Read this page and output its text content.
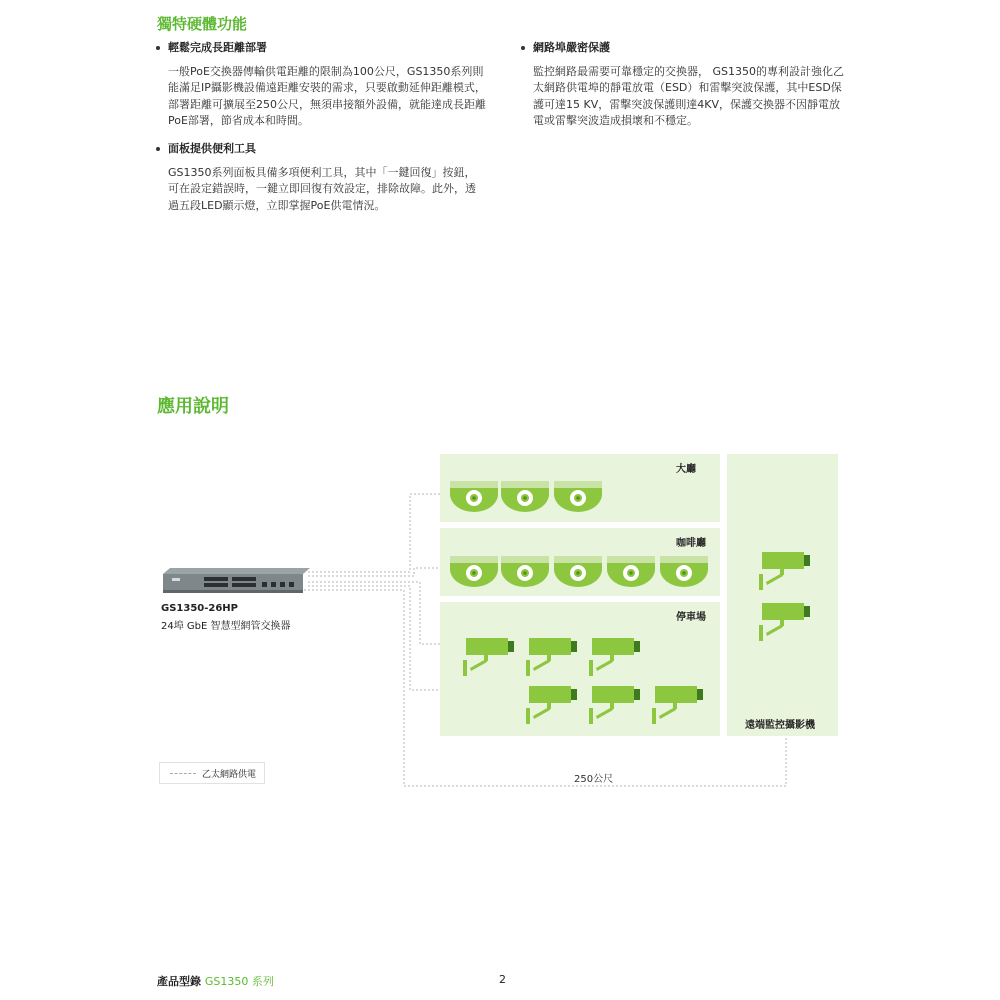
獨特硬體功能
輕鬆完成長距離部署
一般PoE交換器傳輸供電距離的限制為100公尺，GS1350系列則能滿足IP攝影機設備遠距離安裝的需求，只要啟動延伸距離模式，部署距離可擴展至250公尺，無須串接額外設備，就能達成長距離PoE部署，節省成本和時間。
面板提供便利工具
GS1350系列面板具備多項便利工具，其中「一鍵回復」按鈕，可在設定錯誤時，一鍵立即回復有效設定，排除故障。此外，透過五段LED顯示燈，立即掌握PoE供電情況。
網路埠嚴密保護
監控網路最需要可靠穩定的交換器， GS1350的專利設計強化乙太網路供電埠的靜電放電（ESD）和雷擊突波保護，其中ESD保護可達15 KV，雷擊突波保護則達4KV，保護交換器不因靜電放電或雷擊突波造成損壞和不穩定。
應用說明
大廳
咖啡廳
停車場
GS1350-26HP
24埠 GbE 智慧型網管交換器
遠端監控攝影機
250公尺
乙太網路供電
產品型錄 GS1350 系列	2
